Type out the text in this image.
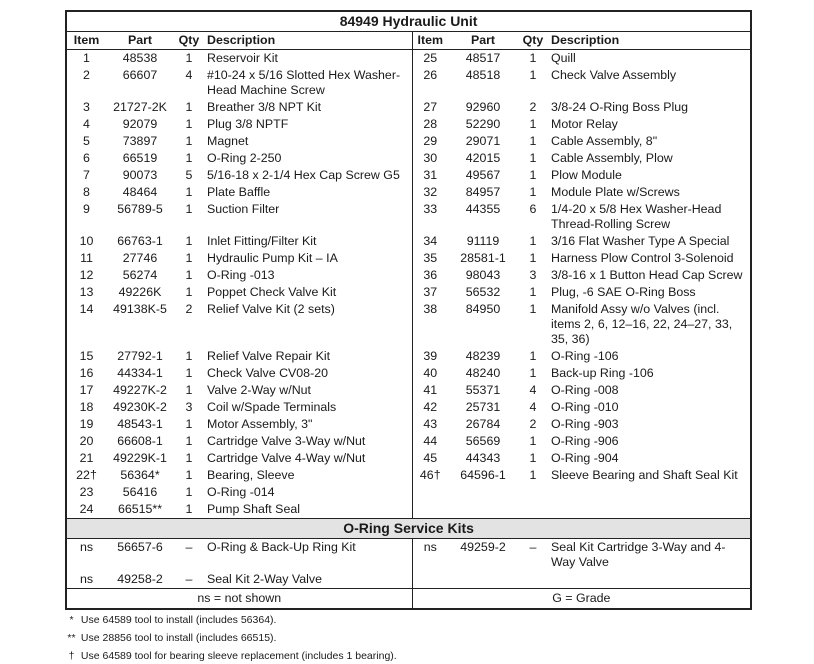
84949 Hydraulic Unit							
Item	Part	Qty	Description	Item	Part	Qty	Description
1	48538	1	Reservoir Kit	25	48517	1	Quill
2	66607	4	#10-24 x 5/16 Slotted Hex Washer-Head Machine Screw	26	48518	1	Check Valve Assembly
3	21727-2K	1	Breather 3/8 NPT Kit	27	92960	2	3/8-24 O-Ring Boss Plug
4	92079	1	Plug 3/8 NPTF	28	52290	1	Motor Relay
5	73897	1	Magnet	29	29071	1	Cable Assembly, 8"
6	66519	1	O-Ring 2-250	30	42015	1	Cable Assembly, Plow
7	90073	5	5/16-18 x 2-1/4 Hex Cap Screw G5	31	49567	1	Plow Module
8	48464	1	Plate Baffle	32	84957	1	Module Plate w/Screws
9	56789-5	1	Suction Filter	33	44355	6	1/4-20 x 5/8 Hex Washer-Head Thread-Rolling Screw
10	66763-1	1	Inlet Fitting/Filter Kit	34	91119	1	3/16 Flat Washer Type A Special
11	27746	1	Hydraulic Pump Kit – IA	35	28581-1	1	Harness Plow Control 3-Solenoid
12	56274	1	O-Ring -013	36	98043	3	3/8-16 x 1 Button Head Cap Screw
13	49226K	1	Poppet Check Valve Kit	37	56532	1	Plug, -6 SAE O-Ring Boss
14	49138K-5	2	Relief Valve Kit (2 sets)	38	84950	1	Manifold Assy w/o Valves (incl. items 2, 6, 12–16, 22, 24–27, 33, 35, 36)
15	27792-1	1	Relief Valve Repair Kit	39	48239	1	O-Ring -106
16	44334-1	1	Check Valve CV08-20	40	48240	1	Back-up Ring -106
17	49227K-2	1	Valve 2-Way w/Nut	41	55371	4	O-Ring -008
18	49230K-2	3	Coil w/Spade Terminals	42	25731	4	O-Ring -010
19	48543-1	1	Motor Assembly, 3"	43	26784	2	O-Ring -903
20	66608-1	1	Cartridge Valve 3-Way w/Nut	44	56569	1	O-Ring -906
21	49229K-1	1	Cartridge Valve 4-Way w/Nut	45	44343	1	O-Ring -904
22†	56364*	1	Bearing, Sleeve	46†	64596-1	1	Sleeve Bearing and Shaft Seal Kit
23	56416	1	O-Ring -014				
24	66515**	1	Pump Shaft Seal				
O-Ring Service Kits							
ns	56657-6	–	O-Ring & Back-Up Ring Kit	ns	49259-2	–	Seal Kit Cartridge 3-Way and 4-Way Valve
ns	49258-2	–	Seal Kit 2-Way Valve				
ns = not shown				G = Grade			
* Use 64589 tool to install (includes 56364).
** Use 28856 tool to install (includes 66515).
† Use 64589 tool for bearing sleeve replacement (includes 1 bearing).
